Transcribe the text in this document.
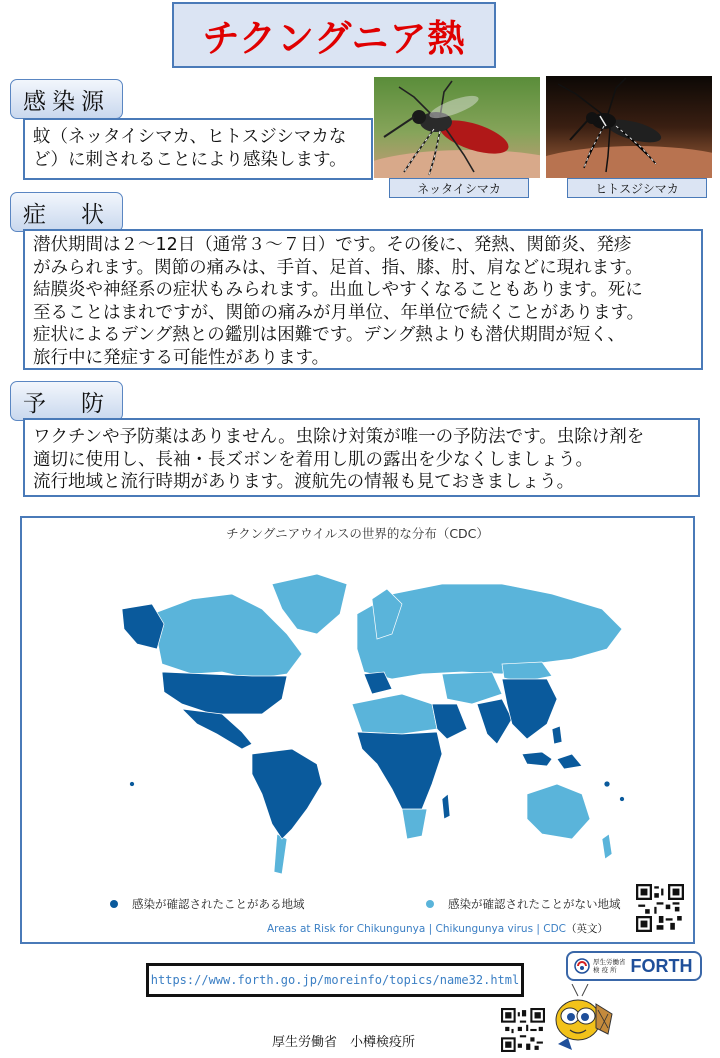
チクングニア熱
感染源
蚊（ネッタイシマカ、ヒトスジシマカな
ど）に刺されることにより感染します。
ネッタイシマカ	ヒトスジシマカ
症　状
潜伏期間は２～12日（通常３～７日）です。その後に、発熱、関節炎、発疹
がみられます。関節の痛みは、手首、足首、指、膝、肘、肩などに現れます。
結膜炎や神経系の症状もみられます。出血しやすくなることもあります。死に
至ることはまれですが、関節の痛みが月単位、年単位で続くことがあります。
症状によるデング熱との鑑別は困難です。デング熱よりも潜伏期間が短く、
旅行中に発症する可能性があります。
予　防
ワクチンや予防薬はありません。虫除け対策が唯一の予防法です。虫除け剤を
適切に使用し、長袖・長ズボンを着用し肌の露出を少なくしましょう。
流行地域と流行時期があります。渡航先の情報も見ておきましょう。
チクングニアウイルスの世界的な分布（CDC）
感染が確認されたことがある地域	感染が確認されたことがない地域
Areas at Risk for Chikungunya | Chikungunya virus | CDC（英文）
https://www.forth.go.jp/moreinfo/topics/name32.html
厚生労働省
検 疫 所 FORTH
厚生労働省　小樽検疫所
